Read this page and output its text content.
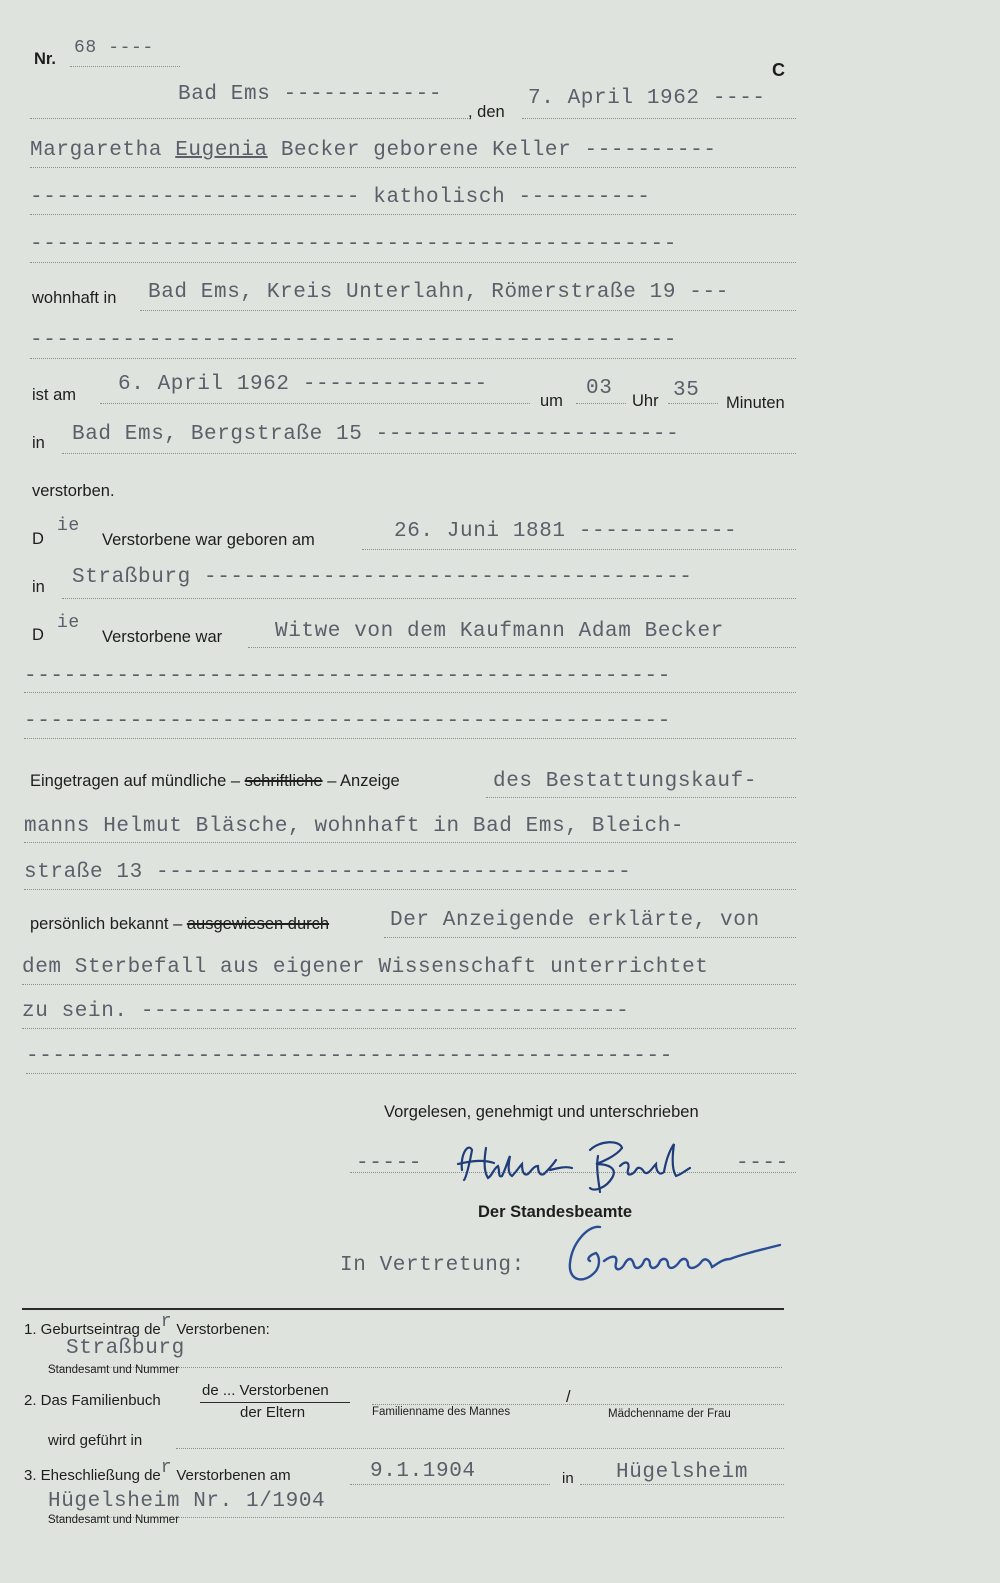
Nr.
68 ----
C
Bad Ems ------------
, den
7. April 1962 ----
Margaretha Eugenia Becker geborene Keller ----------
------------------------- katholisch ----------
-------------------------------------------------
wohnhaft in Bad Ems, Kreis Unterlahn, Römerstraße 19 ---
-------------------------------------------------
ist am 6. April 1962 --------------
um
03
Uhr 35
Minuten
in Bad Ems, Bergstraße 15 -----------------------
verstorben.
D
ie
Verstorbene war geboren am	26. Juni 1881 ------------
in Straßburg -------------------------------------
D
ie
Verstorbene war	Witwe von dem Kaufmann Adam Becker
-------------------------------------------------
-------------------------------------------------
Eingetragen auf mündliche – schriftliche – Anzeige	des Bestattungskauf-
manns Helmut Bläsche, wohnhaft in Bad Ems, Bleich-
straße 13 ------------------------------------
persönlich bekannt – ausgewiesen durch	Der Anzeigende erklärte, von
dem Sterbefall aus eigener Wissenschaft unterrichtet
zu sein. -------------------------------------
-------------------------------------------------
Vorgelesen, genehmigt und unterschrieben
-----	----
Der Standesbeamte
In Vertretung:
1. Geburtseintrag der Verstorbenen:
Straßburg
Standesamt und Nummer
2. Das Familienbuch
de ... Verstorbenen
der Eltern	Familienname des Mannes
/
Mädchenname der Frau
wird geführt in
3. Eheschließung der Verstorbenen am	9.1.1904	in Hügelsheim
Hügelsheim Nr. 1/1904
Standesamt und Nummer
